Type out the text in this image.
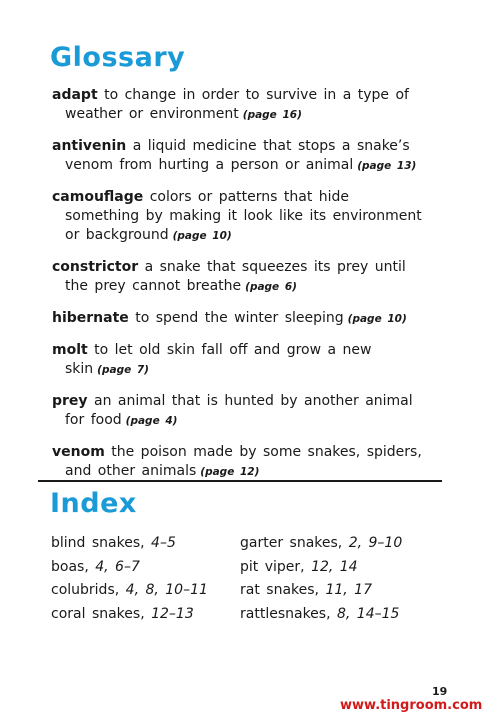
Glossary

adapt to change in order to survive in a type of weather or environment (page 16)

antivenin a liquid medicine that stops a snake’s venom from hurting a person or animal (page 13)

camouflage colors or patterns that hide something by making it look like its environment or background (page 10)

constrictor a snake that squeezes its prey until the prey cannot breathe (page 6)

hibernate to spend the winter sleeping (page 10)

molt to let old skin fall off and grow a new skin (page 7)

prey an animal that is hunted by another animal for food (page 4)

venom the poison made by some snakes, spiders, and other animals (page 12)

Index
blind snakes, 4–5
boas, 4, 6–7
colubrids, 4, 8, 10–11
coral snakes, 12–13
garter snakes, 2, 9–10
pit viper, 12, 14
rat snakes, 11, 17
rattlesnakes, 8, 14–15
19
www.tingroom.com
